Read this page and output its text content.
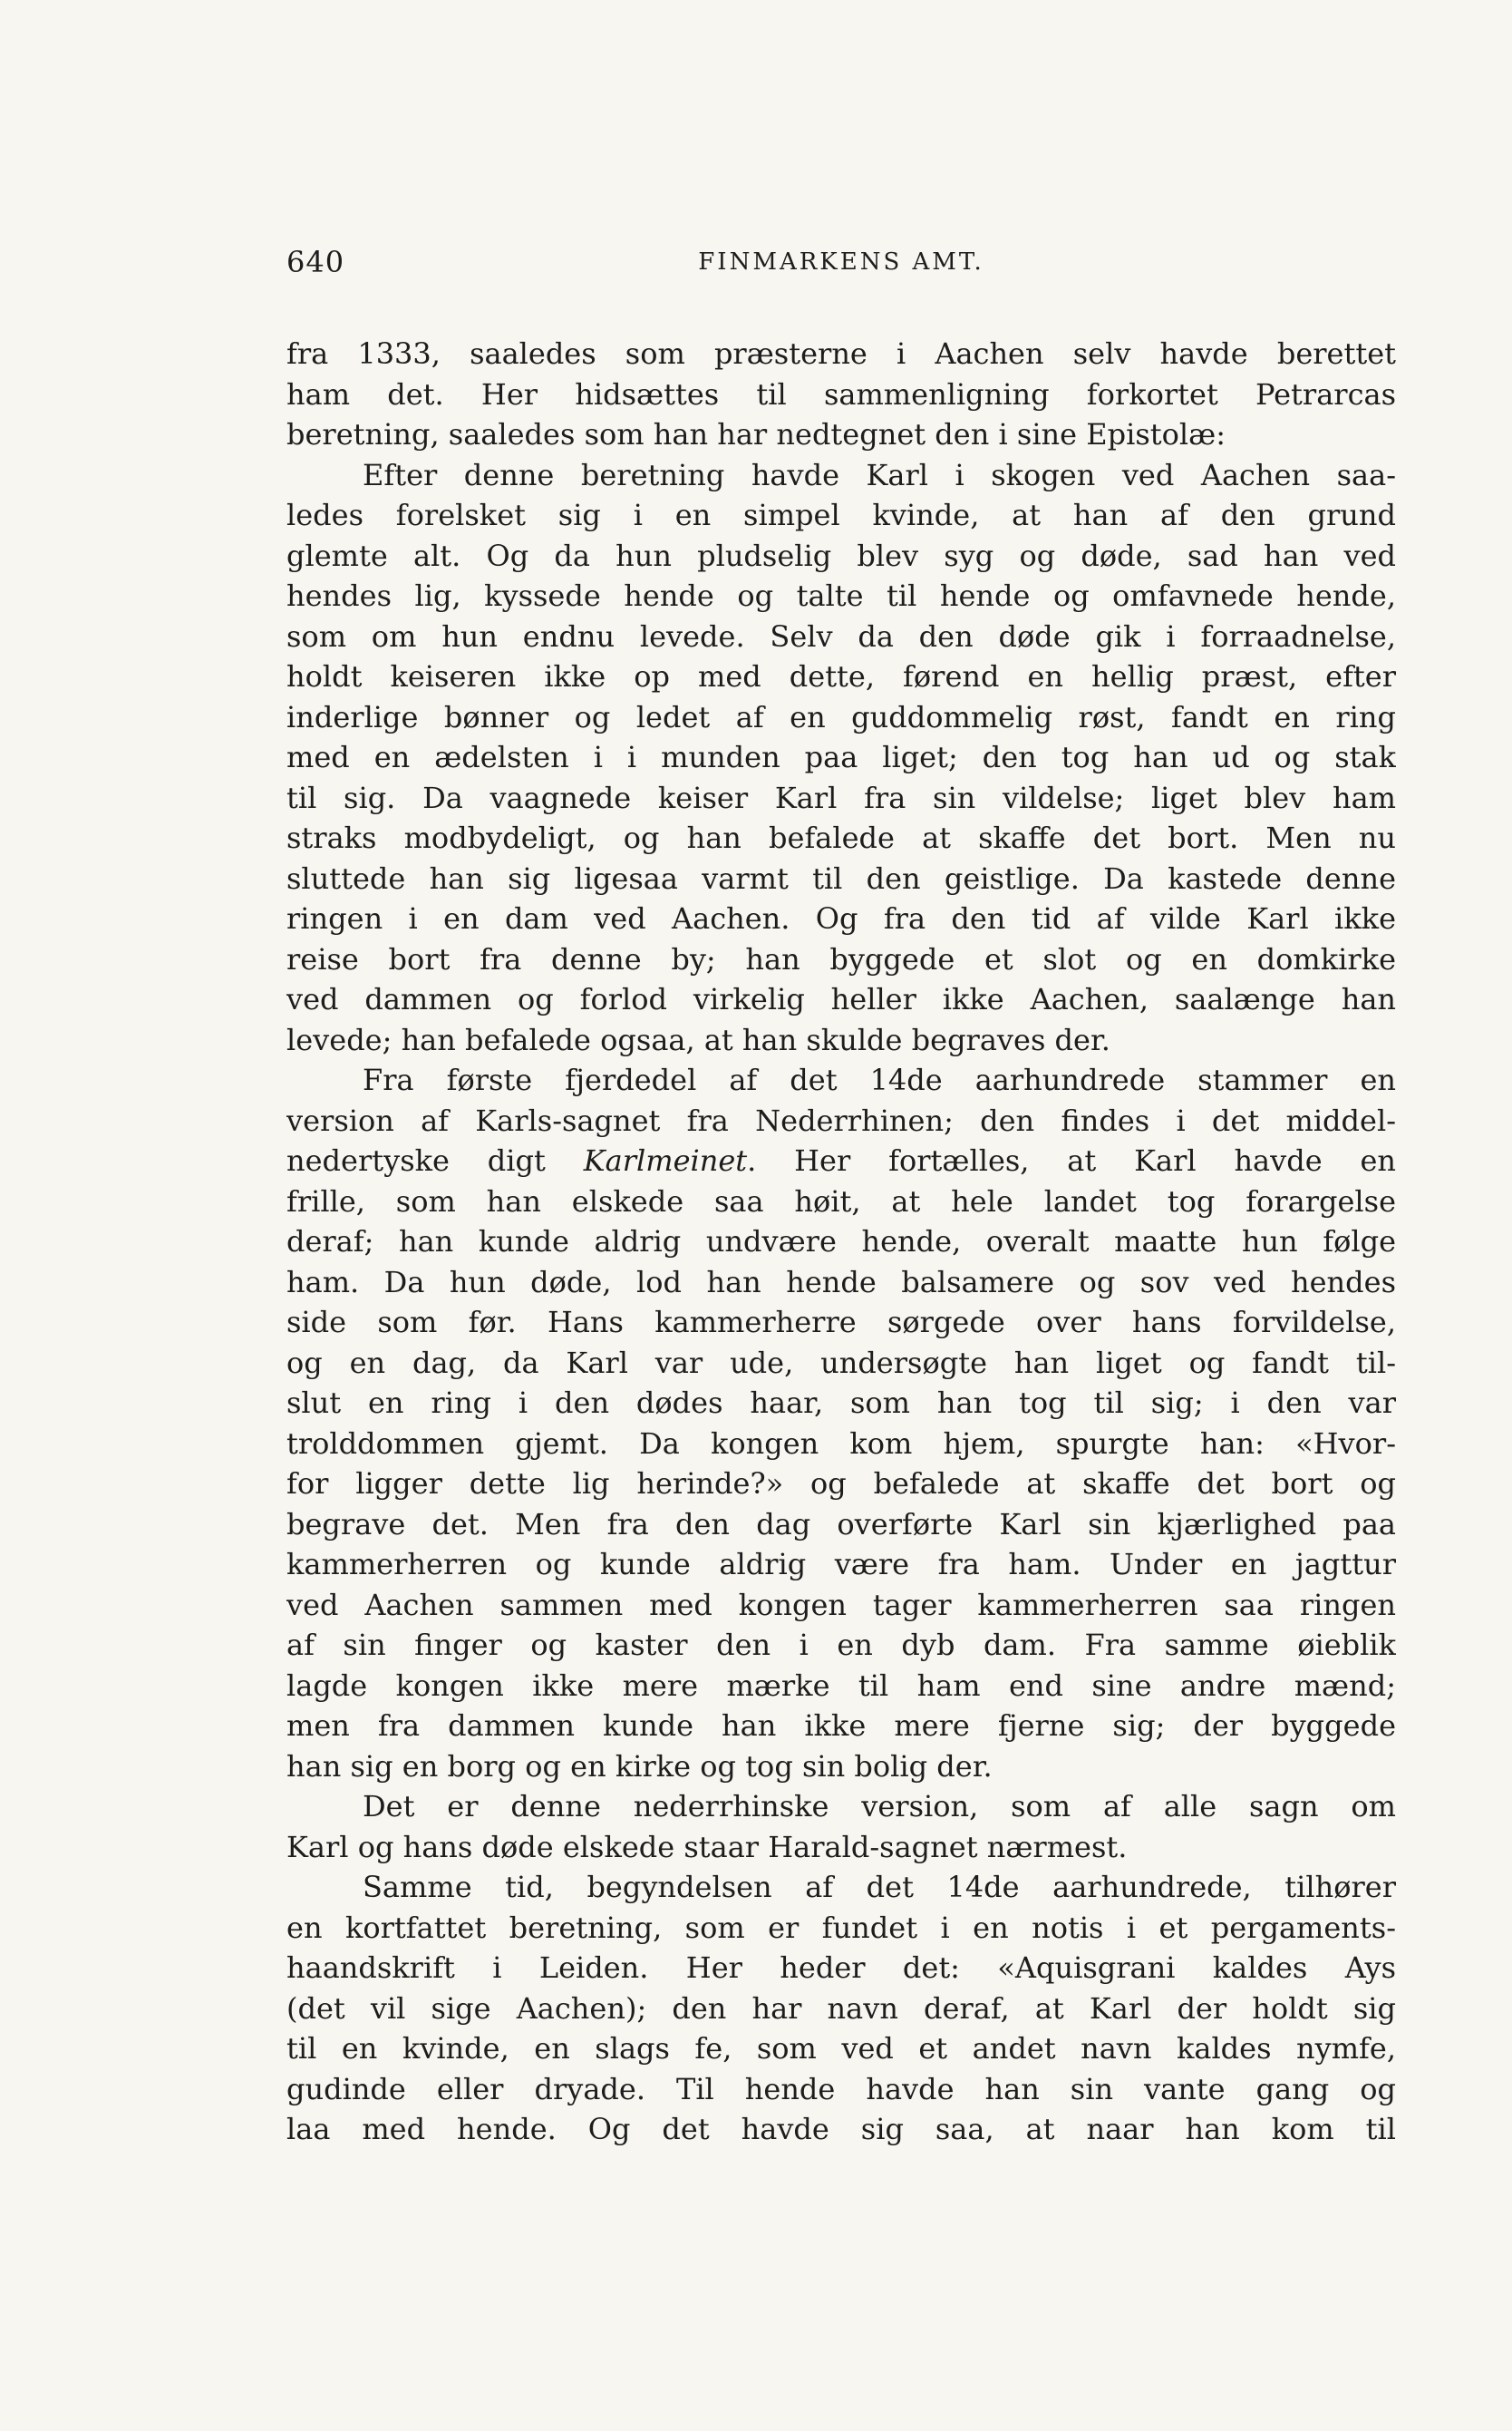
640	FINMARKENS AMT.
fra 1333, saaledes som præsterne i Aachen selv havde berettet
ham det. Her hidsættes til sammenligning forkortet Petrarcas
beretning, saaledes som han har nedtegnet den i sine Epistolæ:
Efter denne beretning havde Karl i skogen ved Aachen saa-
ledes forelsket sig i en simpel kvinde, at han af den grund
glemte alt. Og da hun pludselig blev syg og døde, sad han ved
hendes lig, kyssede hende og talte til hende og omfavnede hende,
som om hun endnu levede. Selv da den døde gik i forraadnelse,
holdt keiseren ikke op med dette, førend en hellig præst, efter
inderlige bønner og ledet af en guddommelig røst, fandt en ring
med en ædelsten i i munden paa liget; den tog han ud og stak
til sig. Da vaagnede keiser Karl fra sin vildelse; liget blev ham
straks modbydeligt, og han befalede at skaffe det bort. Men nu
sluttede han sig ligesaa varmt til den geistlige. Da kastede denne
ringen i en dam ved Aachen. Og fra den tid af vilde Karl ikke
reise bort fra denne by; han byggede et slot og en domkirke
ved dammen og forlod virkelig heller ikke Aachen, saalænge han
levede; han befalede ogsaa, at han skulde begraves der.
Fra første fjerdedel af det 14de aarhundrede stammer en
version af Karls-sagnet fra Nederrhinen; den findes i det middel-
nedertyske digt Karlmeinet. Her fortælles, at Karl havde en
frille, som han elskede saa høit, at hele landet tog forargelse
deraf; han kunde aldrig undvære hende, overalt maatte hun følge
ham. Da hun døde, lod han hende balsamere og sov ved hendes
side som før. Hans kammerherre sørgede over hans forvildelse,
og en dag, da Karl var ude, undersøgte han liget og fandt til-
slut en ring i den dødes haar, som han tog til sig; i den var
trolddommen gjemt. Da kongen kom hjem, spurgte han: «Hvor-
for ligger dette lig herinde?» og befalede at skaffe det bort og
begrave det. Men fra den dag overførte Karl sin kjærlighed paa
kammerherren og kunde aldrig være fra ham. Under en jagttur
ved Aachen sammen med kongen tager kammerherren saa ringen
af sin finger og kaster den i en dyb dam. Fra samme øieblik
lagde kongen ikke mere mærke til ham end sine andre mænd;
men fra dammen kunde han ikke mere fjerne sig; der byggede
han sig en borg og en kirke og tog sin bolig der.
Det er denne nederrhinske version, som af alle sagn om
Karl og hans døde elskede staar Harald-sagnet nærmest.
Samme tid, begyndelsen af det 14de aarhundrede, tilhører
en kortfattet beretning, som er fundet i en notis i et pergaments-
haandskrift i Leiden. Her heder det: «Aquisgrani kaldes Ays
(det vil sige Aachen); den har navn deraf, at Karl der holdt sig
til en kvinde, en slags fe, som ved et andet navn kaldes nymfe,
gudinde eller dryade. Til hende havde han sin vante gang og
laa med hende. Og det havde sig saa, at naar han kom til
